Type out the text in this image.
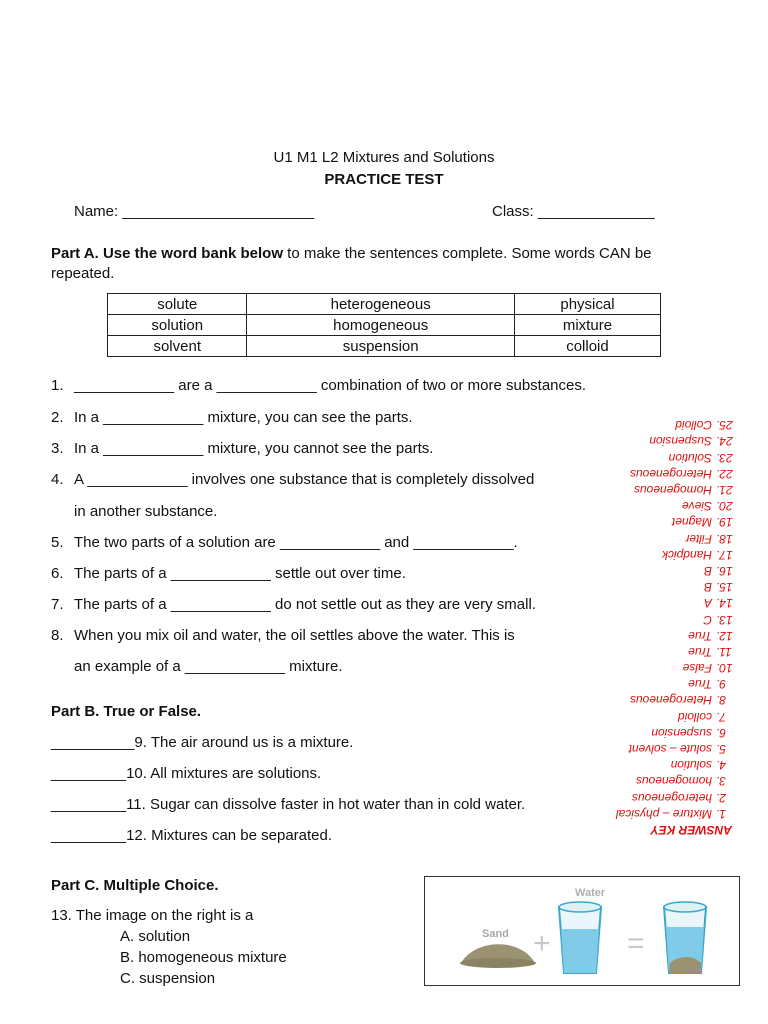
U1 M1 L2 Mixtures and Solutions
PRACTICE TEST
Name: _______________________	Class: ______________
Part A. Use the word bank below to make the sentences complete. Some words CAN be
repeated.
solute	heterogeneous	physical
solution	homogeneous	mixture
solvent	suspension	colloid
1. ____________ are a ____________ combination of two or more substances.
2. In a ____________ mixture, you can see the parts.
3. In a ____________ mixture, you cannot see the parts.
4. A ____________ involves one substance that is completely dissolved
in another substance.
5. The two parts of a solution are ____________ and ____________.
6. The parts of a ____________ settle out over time.
7. The parts of a ____________ do not settle out as they are very small.
8. When you mix oil and water, the oil settles above the water. This is
an example of a ____________ mixture.
Part B. True or False.
__________9. The air around us is a mixture.
_________10. All mixtures are solutions.
_________11. Sugar can dissolve faster in hot water than in cold water.
_________12. Mixtures can be separated.
Part C. Multiple Choice.
13. The image on the right is a
A. solution
B. homogeneous mixture
C. suspension
Water
Sand +	=
ANSWER KEY
1.Mixture – physical
2.heterogeneous
3.homogeneous
4.solution
5.solute – solvent
6.suspension
7.colloid
8.Heterogeneous
9.True
10.False
11.True
12.True
13.C
14.A
15.B
16.B
17.Handpick
18.Filter
19.Magnet
20.Sieve
21.Homogeneous
22.Heterogeneous
23.Solution
24.Suspension
25.Colloid
